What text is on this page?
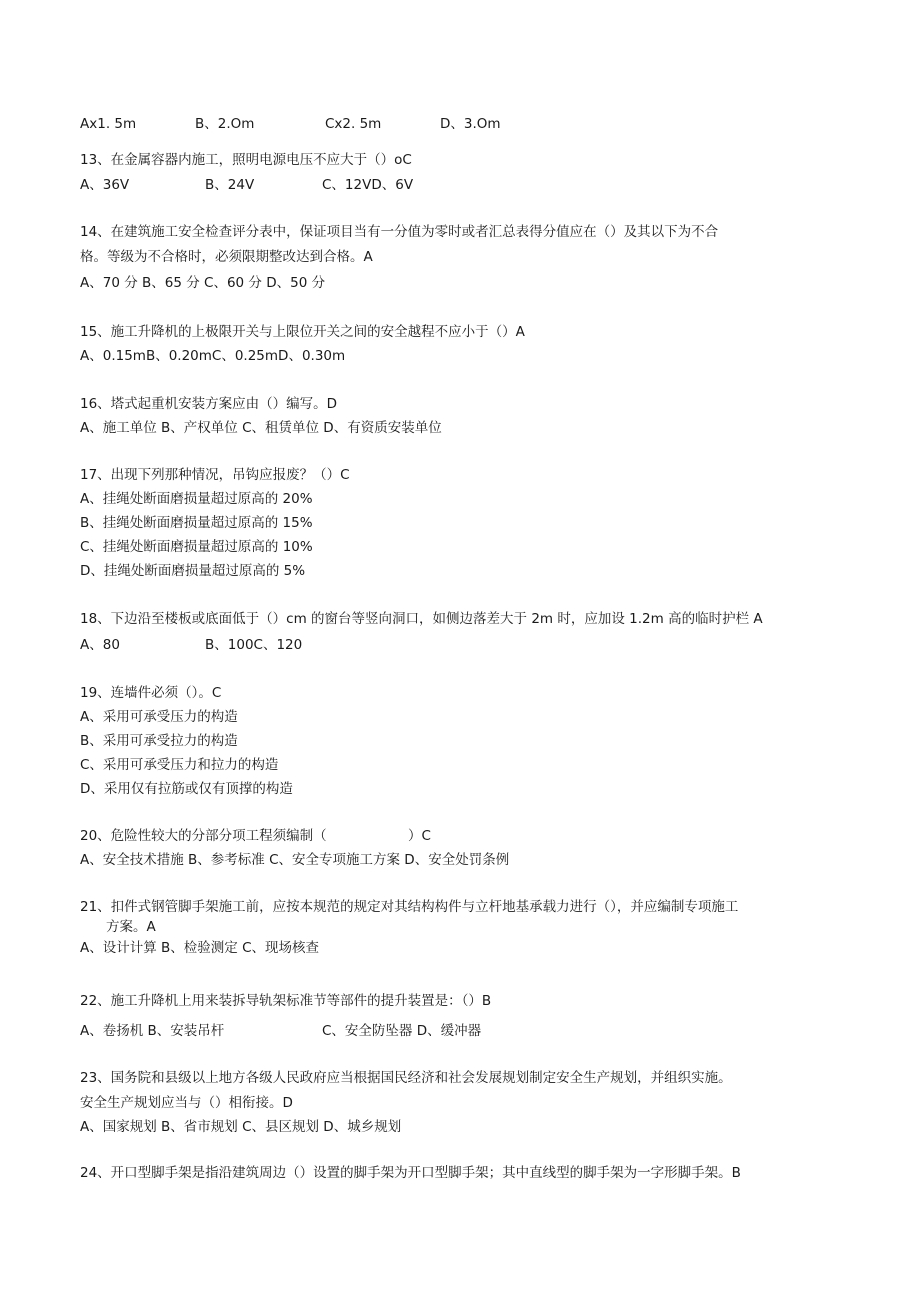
Ax1. 5m	B、2.Om	Cx2. 5m	D、3.Om
13、在金属容器内施工，照明电源电压不应大于（）oC
A、36V	B、24V	C、12VD、6V
14、在建筑施工安全检查评分表中，保证项目当有一分值为零时或者汇总表得分值应在（）及其以下为不合
格。等级为不合格时，必须限期整改达到合格。A
A、70 分 B、65 分 C、60 分 D、50 分
15、施工升降机的上极限开关与上限位开关之间的安全越程不应小于（）A
A、0.15mB、0.20mC、0.25mD、0.30m
16、塔式起重机安装方案应由（）编写。D
A、施工单位 B、产权单位 C、租赁单位 D、有资质安装单位
17、出现下列那种情况，吊钩应报废？（）C
A、挂绳处断面磨损量超过原高的 20%
B、挂绳处断面磨损量超过原高的 15%
C、挂绳处断面磨损量超过原高的 10%
D、挂绳处断面磨损量超过原高的 5%
18、下边沿至楼板或底面低于（）cm 的窗台等竖向洞口，如侧边落差大于 2m 时，应加设 1.2m 高的临时护栏 A
A、80	B、100C、120
19、连墙件必须（）。C
A、采用可承受压力的构造
B、采用可承受拉力的构造
C、采用可承受压力和拉力的构造
D、采用仅有拉筋或仅有顶撑的构造
20、危险性较大的分部分项工程须编制（	）C
A、安全技术措施 B、参考标准 C、安全专项施工方案 D、安全处罚条例
21、扣件式钢管脚手架施工前，应按本规范的规定对其结构构件与立杆地基承载力进行（），并应编制专项施工
方案。A
A、设计计算 B、检验测定 C、现场核查
22、施工升降机上用来装拆导轨架标准节等部件的提升装置是：（）B
A、卷扬机 B、安装吊杆	C、安全防坠器 D、缓冲器
23、国务院和县级以上地方各级人民政府应当根据国民经济和社会发展规划制定安全生产规划，并组织实施。
安全生产规划应当与（）相衔接。D
A、国家规划 B、省市规划 C、县区规划 D、城乡规划
24、开口型脚手架是指沿建筑周边（）设置的脚手架为开口型脚手架；其中直线型的脚手架为一字形脚手架。B
